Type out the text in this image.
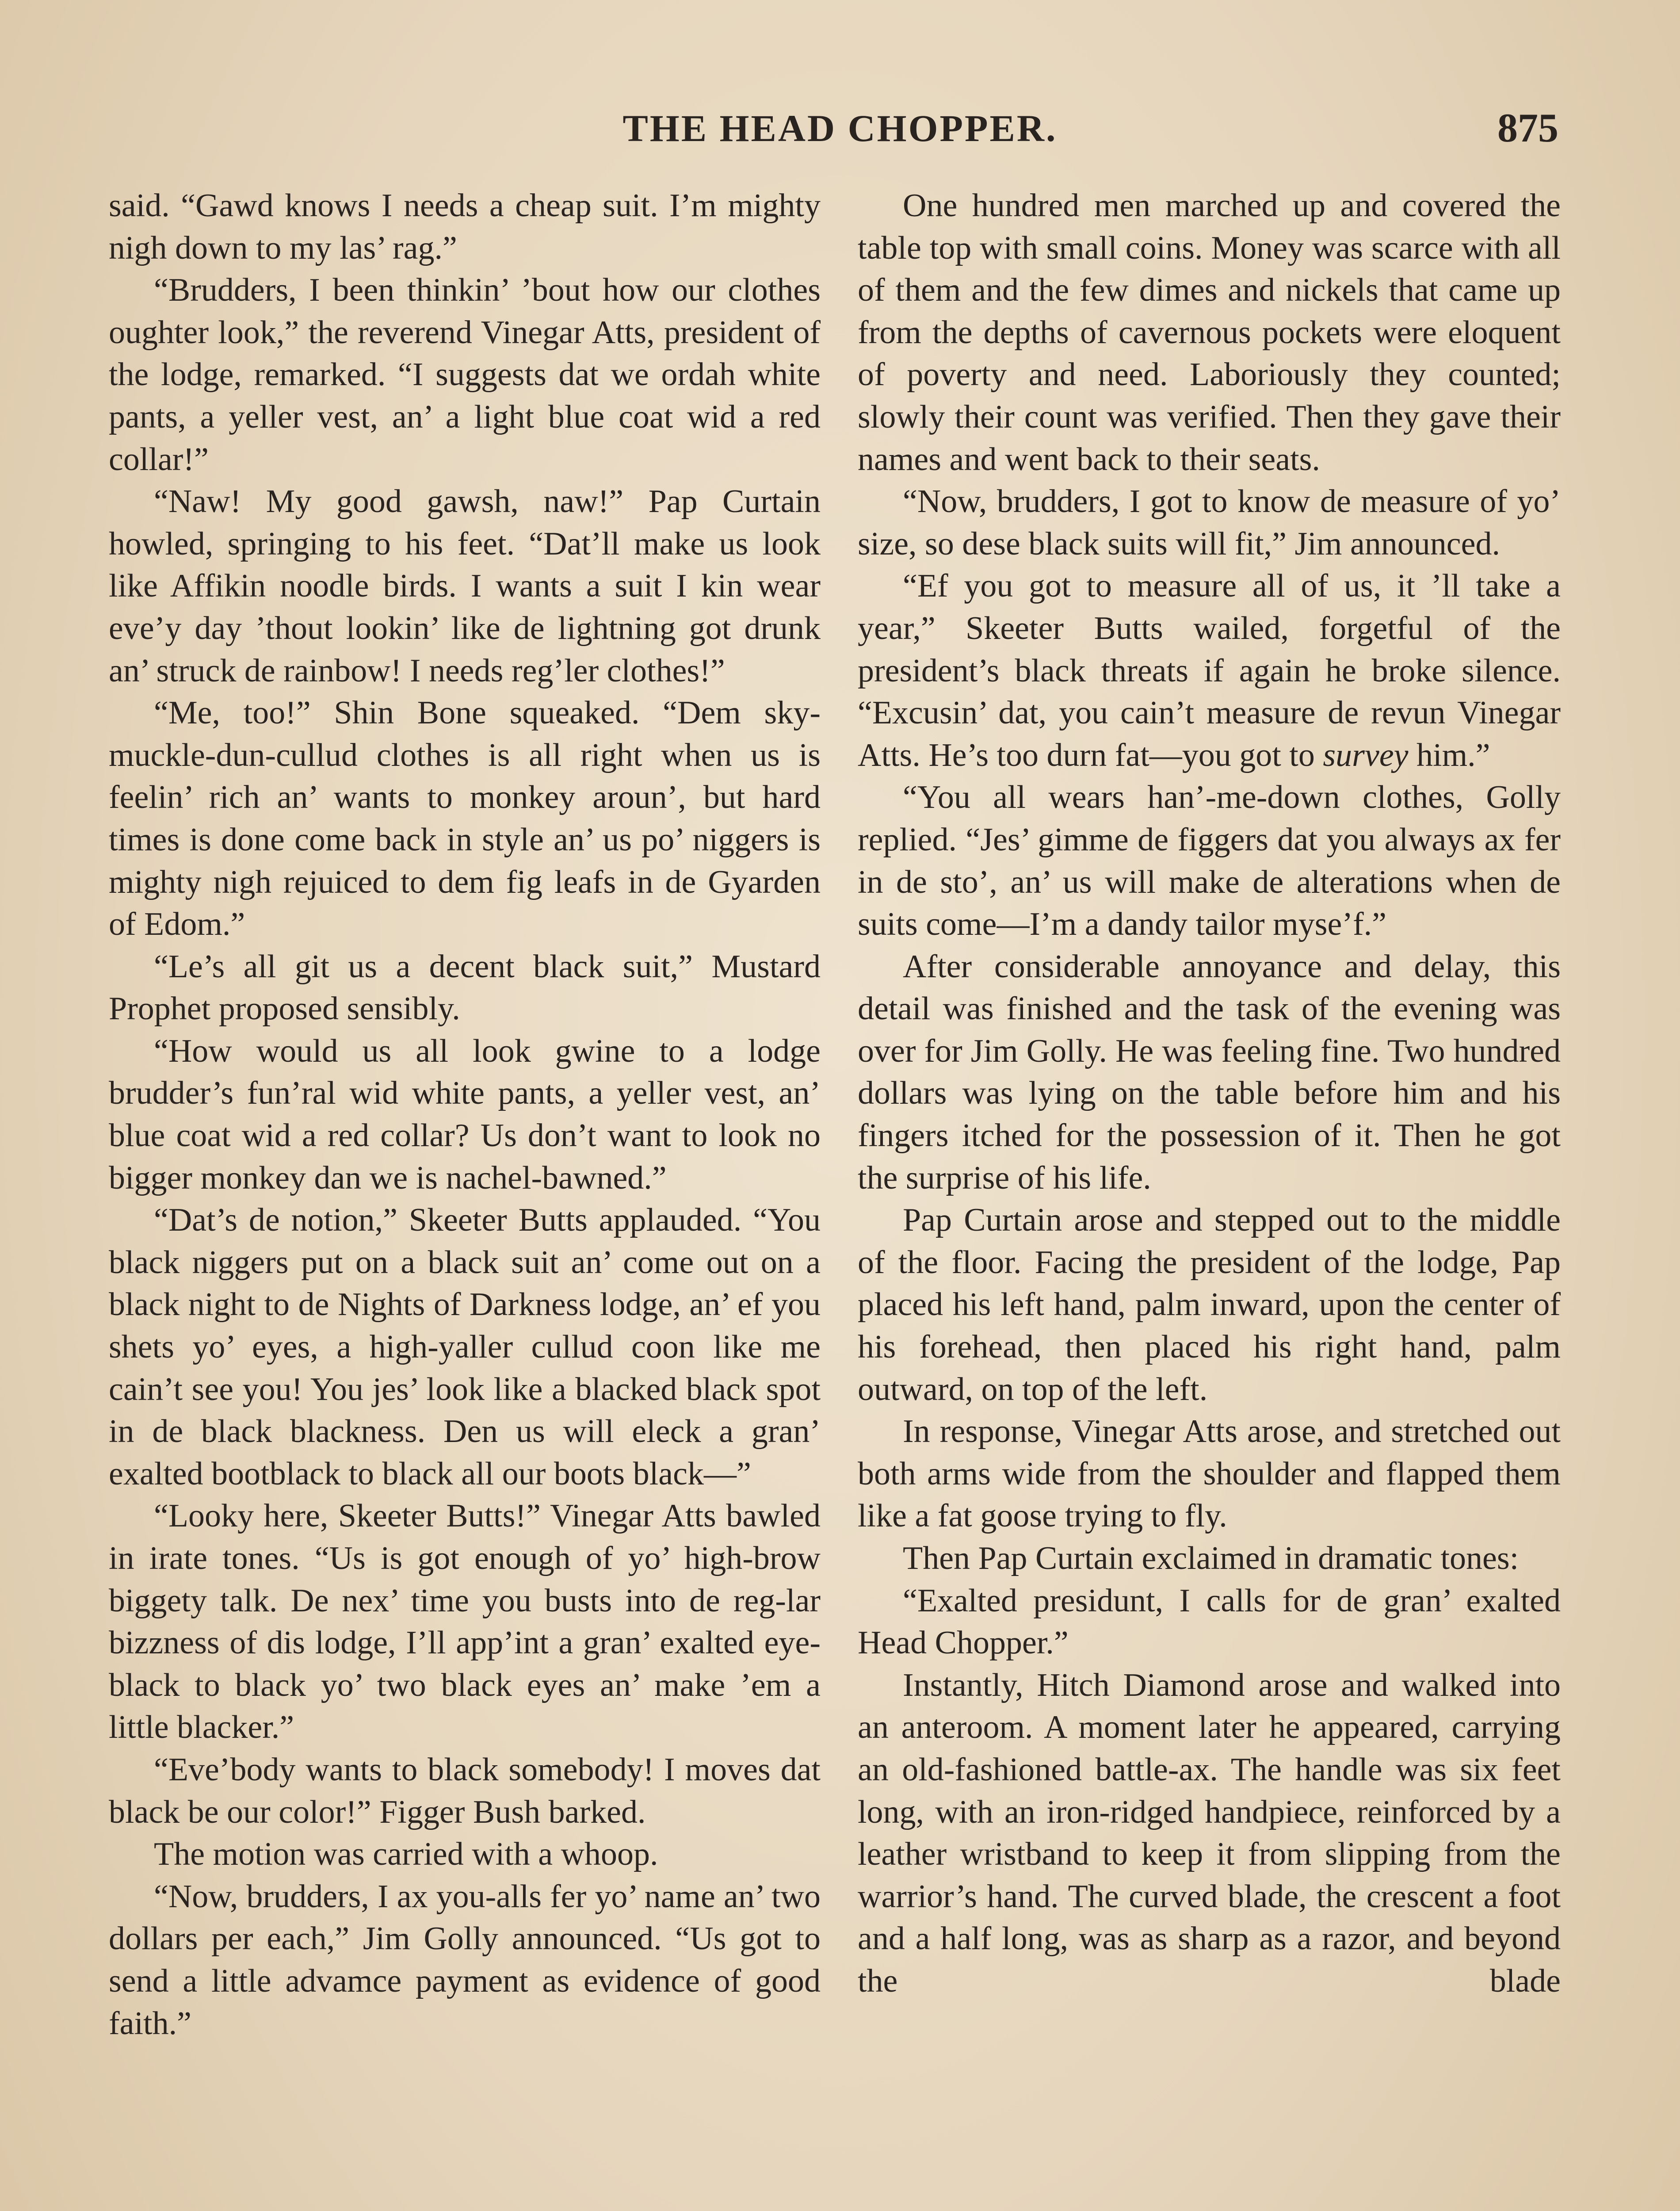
THE HEAD CHOPPER.	875

said. “Gawd knows I needs a cheap suit. I’m mighty nigh down to my las’ rag.”

“Brudders, I been thinkin’ ’bout how our clothes oughter look,” the reverend Vinegar Atts, president of the lodge, remarked. “I suggests dat we ordah white pants, a yeller vest, an’ a light blue coat wid a red collar!”

“Naw! My good gawsh, naw!” Pap Curtain howled, springing to his feet. “Dat’ll make us look like Affikin noodle birds. I wants a suit I kin wear eve’y day ’thout lookin’ like de lightning got drunk an’ struck de rainbow! I needs reg’ler clothes!”

“Me, too!” Shin Bone squeaked. “Dem sky-muckle-dun-cullud clothes is all right when us is feelin’ rich an’ wants to monkey aroun’, but hard times is done come back in style an’ us po’ niggers is mighty nigh rejuiced to dem fig leafs in de Gyarden of Edom.”

“Le’s all git us a decent black suit,” Mustard Prophet proposed sensibly.

“How would us all look gwine to a lodge brudder’s fun’ral wid white pants, a yeller vest, an’ blue coat wid a red collar? Us don’t want to look no bigger monkey dan we is nachel-bawned.”

“Dat’s de notion,” Skeeter Butts applauded. “You black niggers put on a black suit an’ come out on a black night to de Nights of Darkness lodge, an’ ef you shets yo’ eyes, a high-yaller cullud coon like me cain’t see you! You jes’ look like a blacked black spot in de black blackness. Den us will eleck a gran’ exalted bootblack to black all our boots black—”

“Looky here, Skeeter Butts!” Vinegar Atts bawled in irate tones. “Us is got enough of yo’ high-brow biggety talk. De nex’ time you busts into de reg-lar bizzness of dis lodge, I’ll app’int a gran’ exalted eye-black to black yo’ two black eyes an’ make ’em a little blacker.”

“Eve’body wants to black somebody! I moves dat black be our color!” Figger Bush barked.

The motion was carried with a whoop.

“Now, brudders, I ax you-alls fer yo’ name an’ two dollars per each,” Jim Golly announced. “Us got to send a little advamce payment as evidence of good faith.”

One hundred men marched up and covered the table top with small coins. Money was scarce with all of them and the few dimes and nickels that came up from the depths of cavernous pockets were eloquent of poverty and need. Laboriously they counted; slowly their count was verified. Then they gave their names and went back to their seats.

“Now, brudders, I got to know de measure of yo’ size, so dese black suits will fit,” Jim announced.

“Ef you got to measure all of us, it ’ll take a year,” Skeeter Butts wailed, forgetful of the president’s black threats if again he broke silence. “Excusin’ dat, you cain’t measure de revun Vinegar Atts. He’s too durn fat—you got to survey him.”

“You all wears han’-me-down clothes, Golly replied. “Jes’ gimme de figgers dat you always ax fer in de sto’, an’ us will make de alterations when de suits come—I’m a dandy tailor myse’f.”

After considerable annoyance and delay, this detail was finished and the task of the evening was over for Jim Golly. He was feeling fine. Two hundred dollars was lying on the table before him and his fingers itched for the possession of it. Then he got the surprise of his life.

Pap Curtain arose and stepped out to the middle of the floor. Facing the president of the lodge, Pap placed his left hand, palm inward, upon the center of his forehead, then placed his right hand, palm outward, on top of the left.

In response, Vinegar Atts arose, and stretched out both arms wide from the shoulder and flapped them like a fat goose trying to fly.

Then Pap Curtain exclaimed in dramatic tones:

“Exalted presidunt, I calls for de gran’ exalted Head Chopper.”

Instantly, Hitch Diamond arose and walked into an anteroom. A moment later he appeared, carrying an old-fashioned battle-ax. The handle was six feet long, with an iron-ridged handpiece, reinforced by a leather wristband to keep it from slipping from the warrior’s hand. The curved blade, the crescent a foot and a half long, was as sharp as a razor, and beyond the blade
